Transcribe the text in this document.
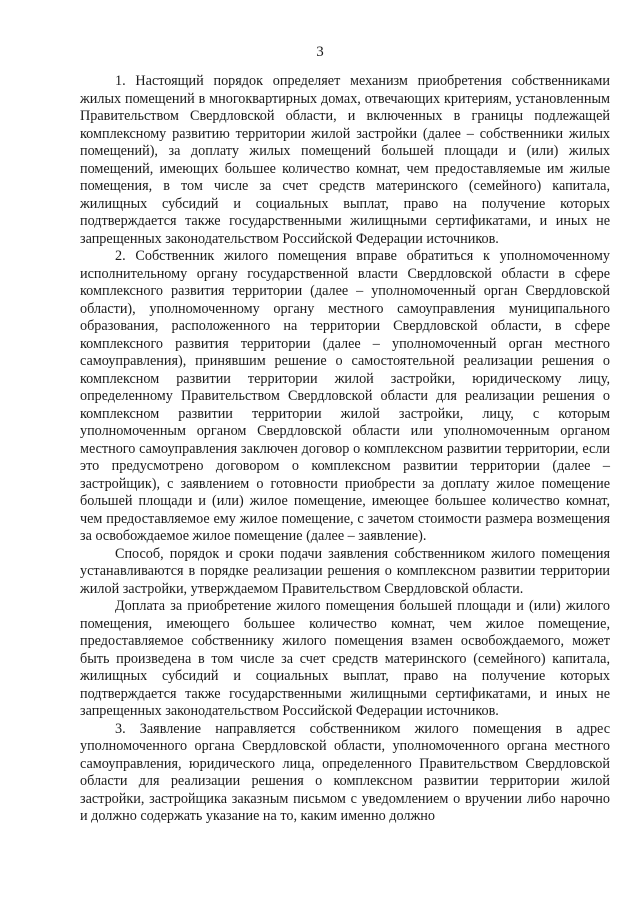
3

1. Настоящий порядок определяет механизм приобретения собственниками жилых помещений в многоквартирных домах, отвечающих критериям, установленным Правительством Свердловской области, и включенных в границы подлежащей комплексному развитию территории жилой застройки (далее – собственники жилых помещений), за доплату жилых помещений большей площади и (или) жилых помещений, имеющих большее количество комнат, чем предоставляемые им жилые помещения, в том числе за счет средств материнского (семейного) капитала, жилищных субсидий и социальных выплат, право на получение которых подтверждается также государственными жилищными сертификатами, и иных не запрещенных законодательством Российской Федерации источников.

2. Собственник жилого помещения вправе обратиться к уполномоченному исполнительному органу государственной власти Свердловской области в сфере комплексного развития территории (далее – уполномоченный орган Свердловской области), уполномоченному органу местного самоуправления муниципального образования, расположенного на территории Свердловской области, в сфере комплексного развития территории (далее – уполномоченный орган местного самоуправления), принявшим решение о самостоятельной реализации решения о комплексном развитии территории жилой застройки, юридическому лицу, определенному Правительством Свердловской области для реализации решения о комплексном развитии территории жилой застройки, лицу, с которым уполномоченным органом Свердловской области или уполномоченным органом местного самоуправления заключен договор о комплексном развитии территории, если это предусмотрено договором о комплексном развитии территории (далее – застройщик), с заявлением о готовности приобрести за доплату жилое помещение большей площади и (или) жилое помещение, имеющее большее количество комнат, чем предоставляемое ему жилое помещение, с зачетом стоимости размера возмещения за освобождаемое жилое помещение (далее – заявление).

Способ, порядок и сроки подачи заявления собственником жилого помещения устанавливаются в порядке реализации решения о комплексном развитии территории жилой застройки, утверждаемом Правительством Свердловской области.

Доплата за приобретение жилого помещения большей площади и (или) жилого помещения, имеющего большее количество комнат, чем жилое помещение, предоставляемое собственнику жилого помещения взамен освобождаемого, может быть произведена в том числе за счет средств материнского (семейного) капитала, жилищных субсидий и социальных выплат, право на получение которых подтверждается также государственными жилищными сертификатами, и иных не запрещенных законодательством Российской Федерации источников.

3. Заявление направляется собственником жилого помещения в адрес уполномоченного органа Свердловской области, уполномоченного органа местного самоуправления, юридического лица, определенного Правительством Свердловской области для реализации решения о комплексном развитии территории жилой застройки, застройщика заказным письмом с уведомлением о вручении либо нарочно и должно содержать указание на то, каким именно должно
